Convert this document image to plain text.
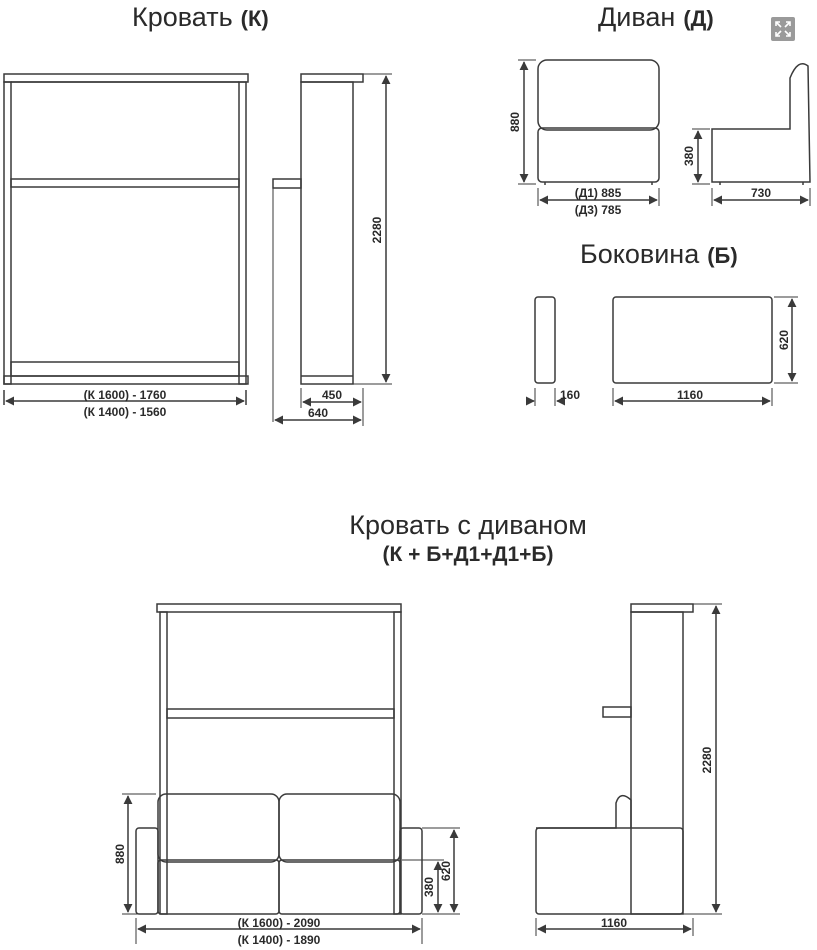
(К 1600) - 1760
(К 1400) - 1560
2280
450
640
880
(Д1) 885
(Д3) 785
380
730
160	1160
620
880
380
620
(К 1600) - 2090
(К 1400) - 1890
2280
1160
Кровать (К)	Диван (Д)
Боковина (Б)
Кровать с диваном
(К + Б+Д1+Д1+Б)
